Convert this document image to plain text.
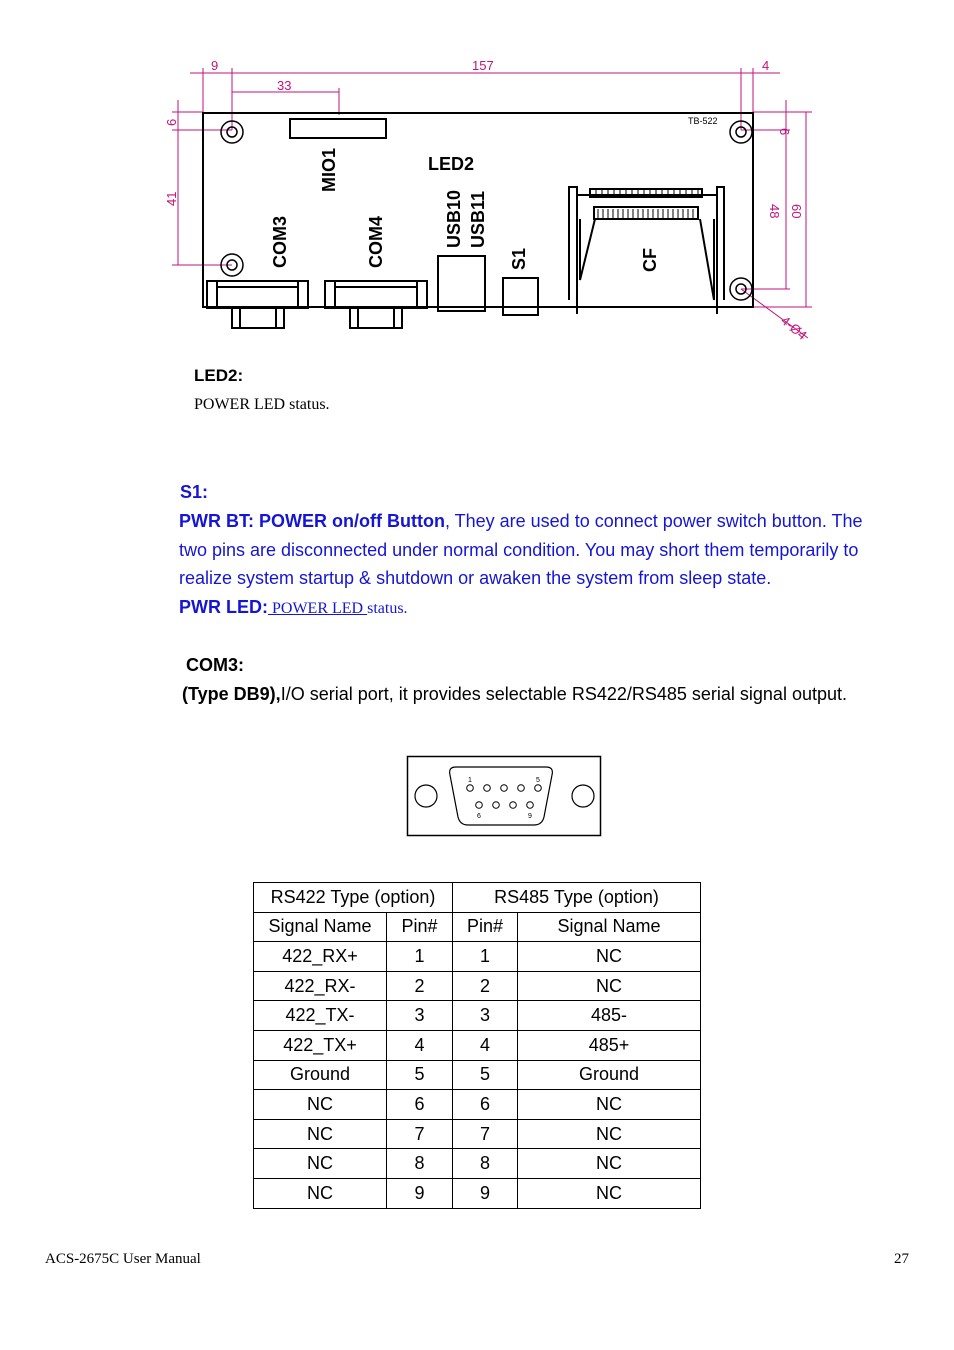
9
33
157	4
6
41
6
48 60
4-Ø4
TB-522
MIO1	LED2
COM3	COM4	USB10 USB11
S1	CF
LED2:
POWER LED status.
S1:
PWR BT: POWER on/off Button, They are used to connect power switch button. The
two pins are disconnected under normal condition. You may short them temporarily to
realize system startup & shutdown or awaken the system from sleep state.
PWR LED: POWER LED status.
COM3:
(Type DB9),I/O serial port, it provides selectable RS422/RS485 serial signal output.
1	5
6	9
RS422 Type (option)		RS485 Type (option)	
Signal Name	Pin#	Pin#	Signal Name
422_RX+	1	1	NC
422_RX-	2	2	NC
422_TX-	3	3	485-
422_TX+	4	4	485+
Ground	5	5	Ground
NC	6	6	NC
NC	7	7	NC
NC	8	8	NC
NC	9	9	NC
ACS-2675C User Manual	27
